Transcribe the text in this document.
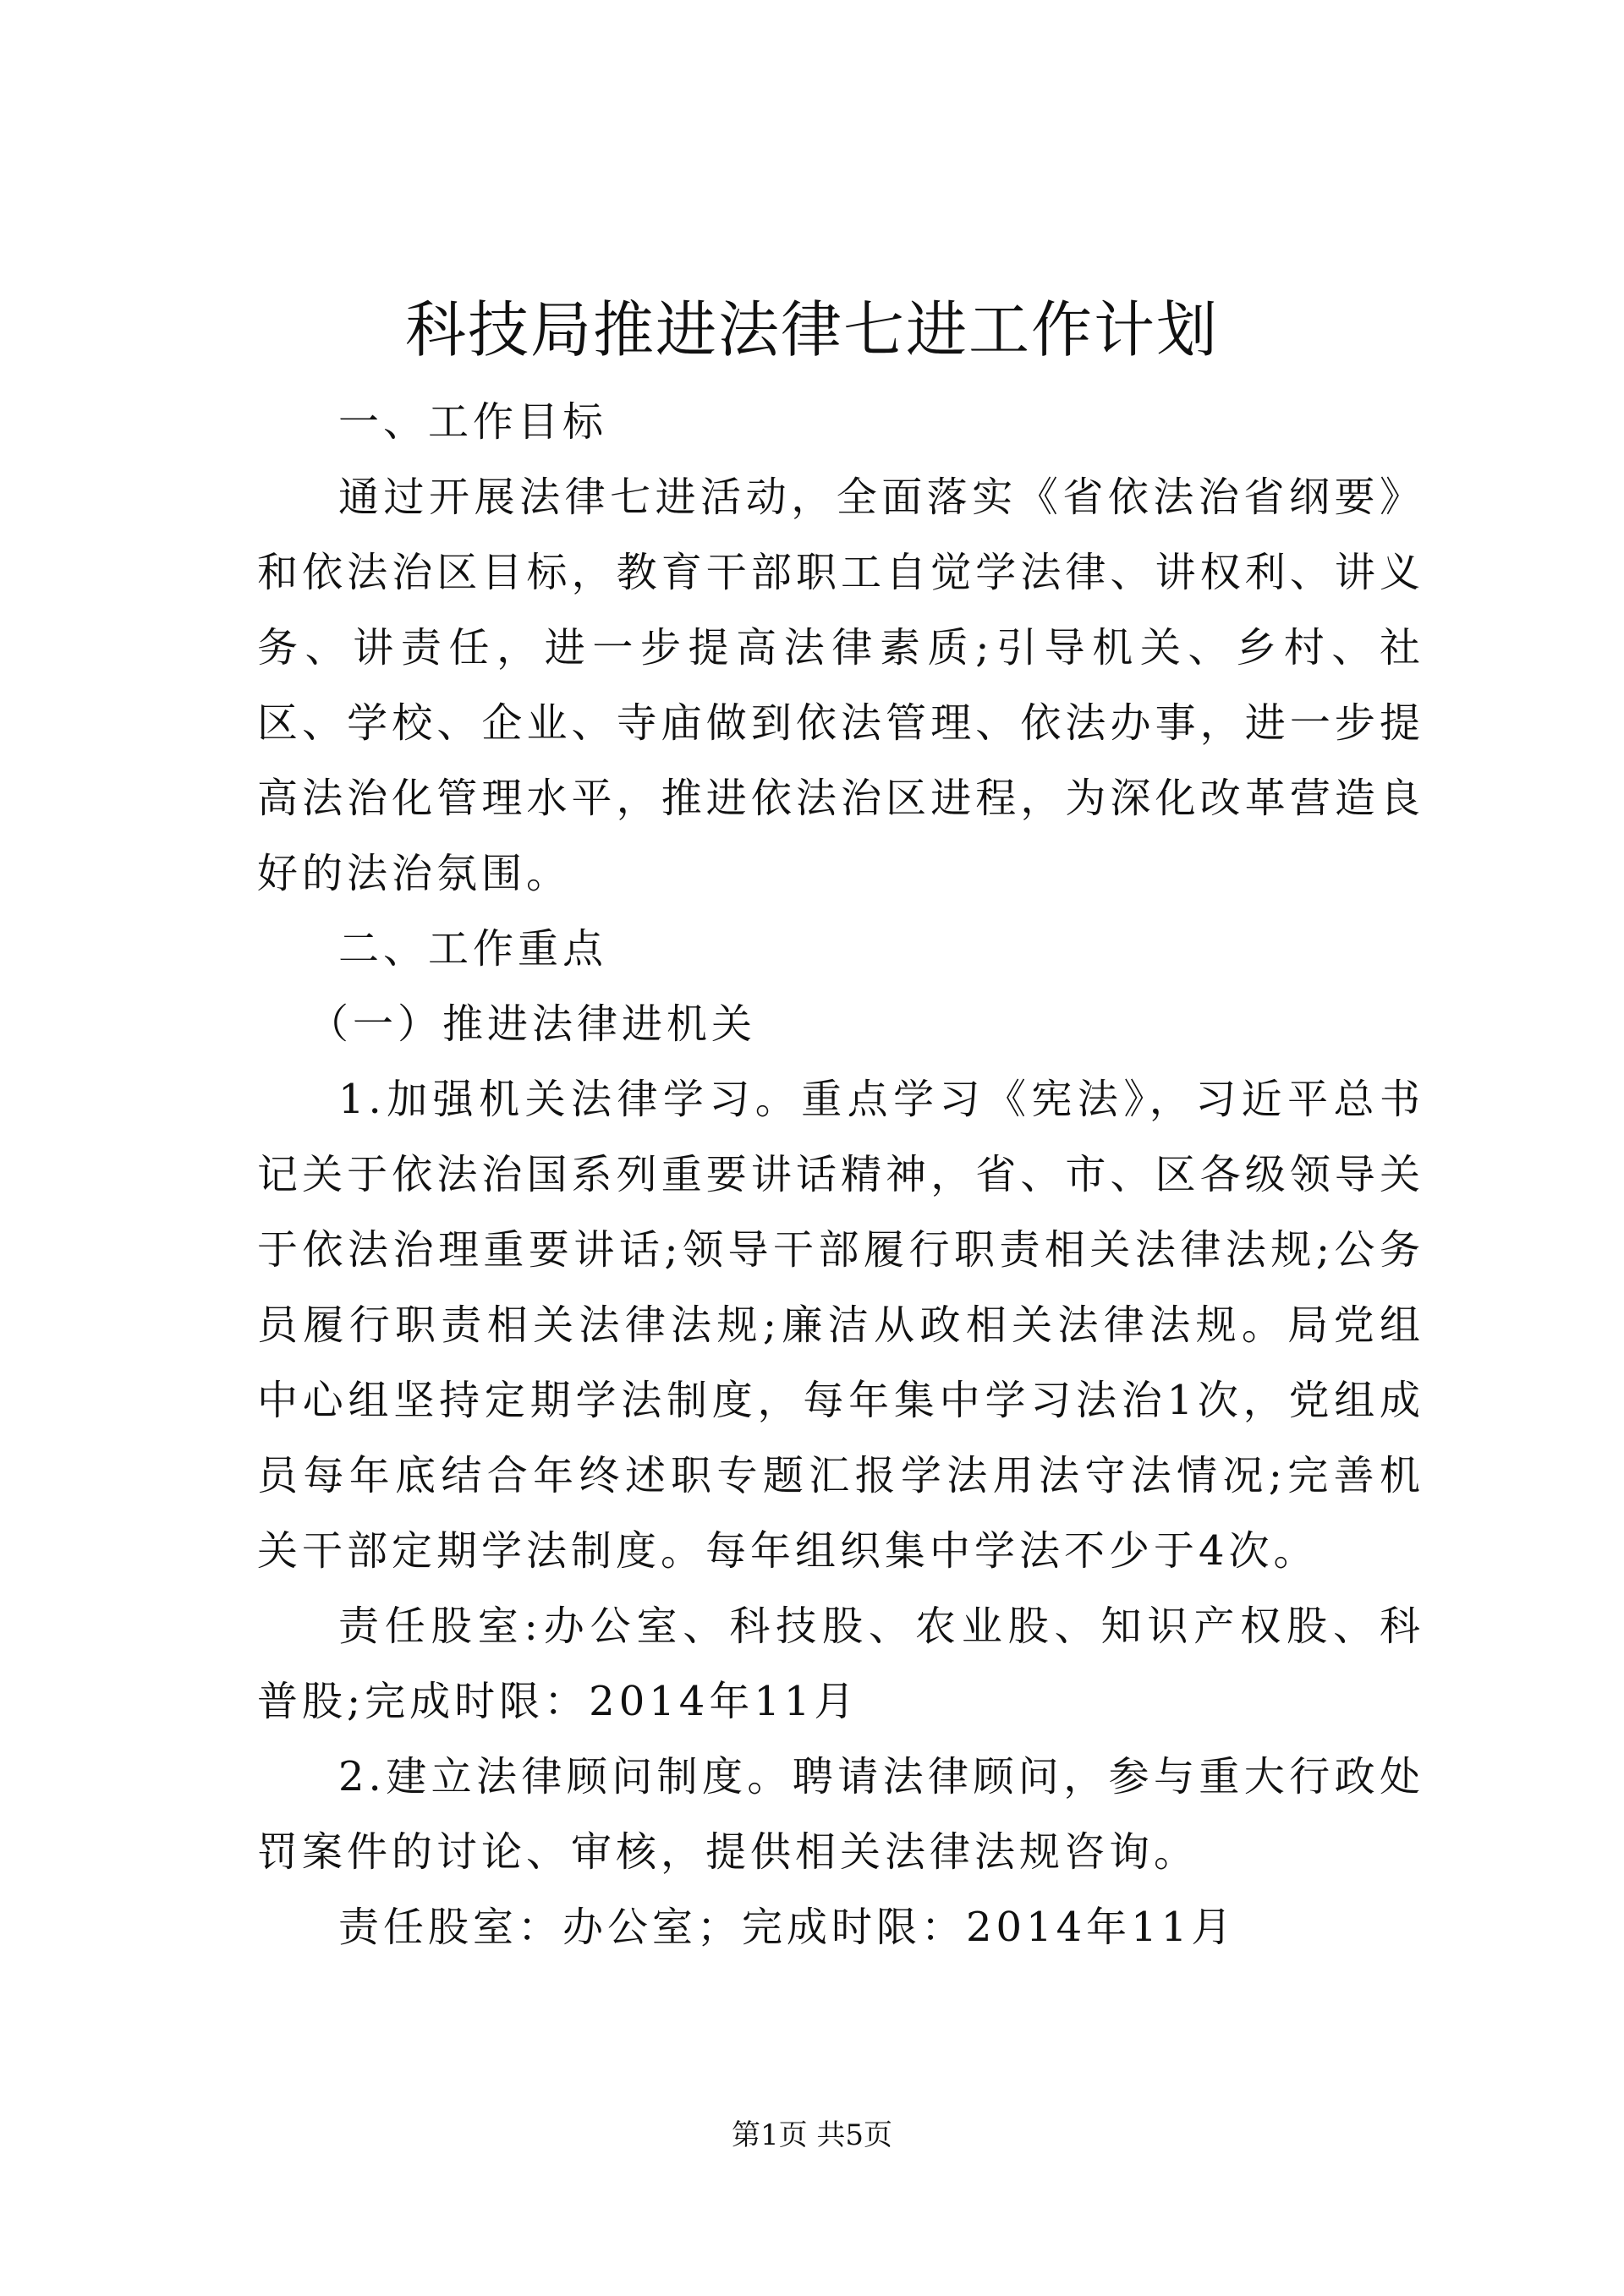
科技局推进法律七进工作计划

一、工作目标

通过开展法律七进活动，全面落实《省依法治省纲要》和依法治区目标，教育干部职工自觉学法律、讲权利、讲义务、讲责任，进一步提高法律素质;引导机关、乡村、社区、学校、企业、寺庙做到依法管理、依法办事，进一步提高法治化管理水平，推进依法治区进程，为深化改革营造良好的法治氛围。

二、工作重点

（一）推进法律进机关

1.加强机关法律学习。重点学习《宪法》，习近平总书记关于依法治国系列重要讲话精神，省、市、区各级领导关于依法治理重要讲话;领导干部履行职责相关法律法规;公务员履行职责相关法律法规;廉洁从政相关法律法规。局党组中心组坚持定期学法制度，每年集中学习法治1次，党组成员每年底结合年终述职专题汇报学法用法守法情况;完善机关干部定期学法制度。每年组织集中学法不少于4次。

责任股室:办公室、科技股、农业股、知识产权股、科普股;完成时限：2014年11月

2.建立法律顾问制度。聘请法律顾问，参与重大行政处罚案件的讨论、审核，提供相关法律法规咨询。

责任股室：办公室；完成时限：2014年11月

第1页 共5页
